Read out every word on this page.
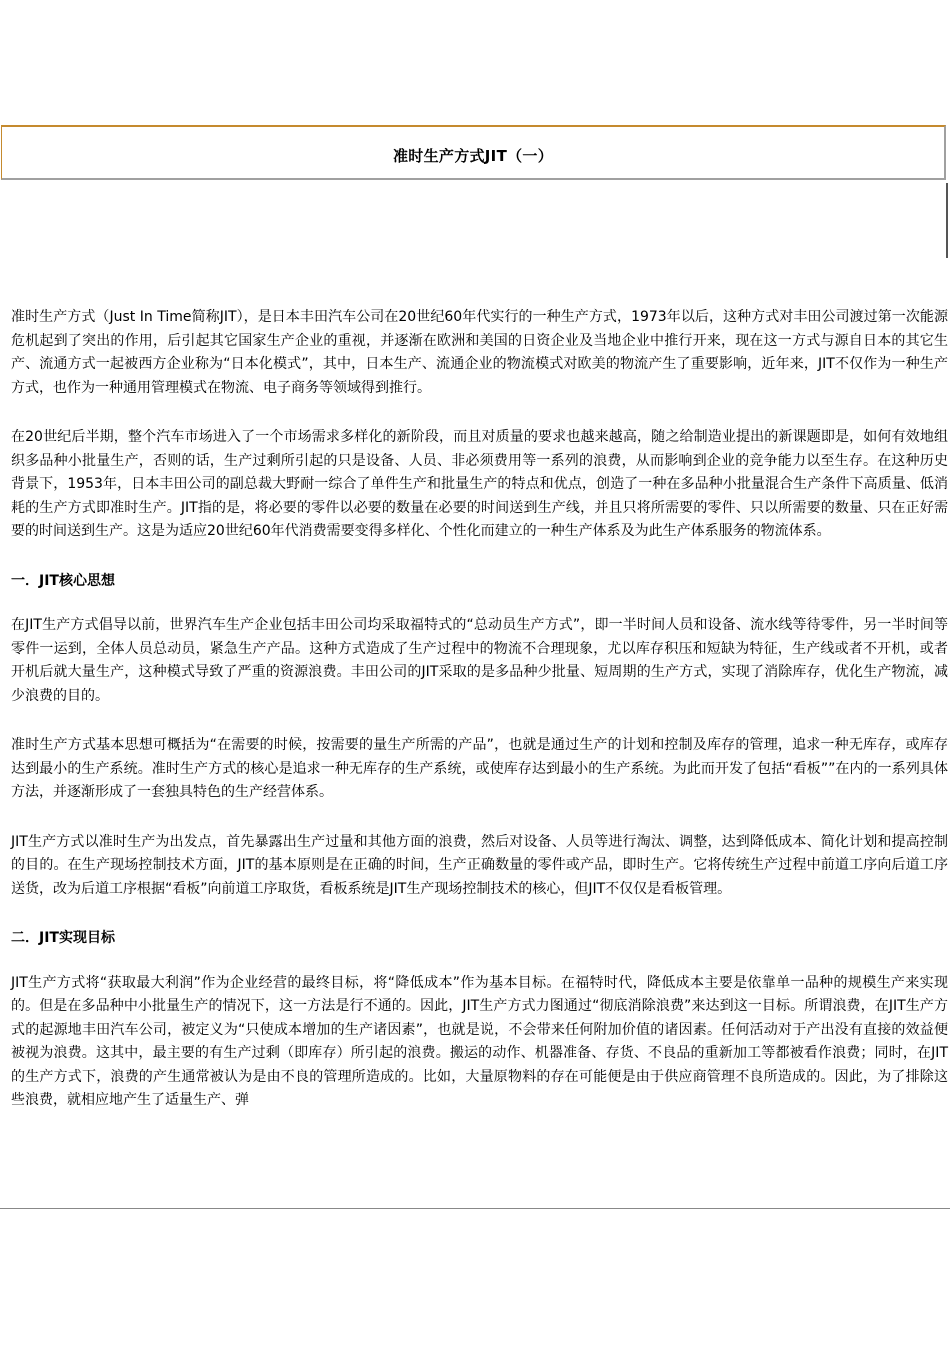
准时生产方式JIT（一）

准时生产方式（Just In Time简称JIT），是日本丰田汽车公司在20世纪60年代实行的一种生产方式，1973年以后，这种方式对丰田公司渡过第一次能源危机起到了突出的作用，后引起其它国家生产企业的重视，并逐渐在欧洲和美国的日资企业及当地企业中推行开来，现在这一方式与源自日本的其它生产、流通方式一起被西方企业称为“日本化模式”，其中，日本生产、流通企业的物流模式对欧美的物流产生了重要影响，近年来，JIT不仅作为一种生产方式，也作为一种通用管理模式在物流、电子商务等领域得到推行。

在20世纪后半期，整个汽车市场进入了一个市场需求多样化的新阶段，而且对质量的要求也越来越高，随之给制造业提出的新课题即是，如何有效地组织多品种小批量生产，否则的话，生产过剩所引起的只是设备、人员、非必须费用等一系列的浪费，从而影响到企业的竞争能力以至生存。在这种历史背景下，1953年，日本丰田公司的副总裁大野耐一综合了单件生产和批量生产的特点和优点，创造了一种在多品种小批量混合生产条件下高质量、低消耗的生产方式即准时生产。JIT指的是，将必要的零件以必要的数量在必要的时间送到生产线，并且只将所需要的零件、只以所需要的数量、只在正好需要的时间送到生产。这是为适应20世纪60年代消费需要变得多样化、个性化而建立的一种生产体系及为此生产体系服务的物流体系。

一．JIT核心思想

在JIT生产方式倡导以前，世界汽车生产企业包括丰田公司均采取福特式的“总动员生产方式”，即一半时间人员和设备、流水线等待零件，另一半时间等零件一运到，全体人员总动员，紧急生产产品。这种方式造成了生产过程中的物流不合理现象，尤以库存积压和短缺为特征，生产线或者不开机，或者开机后就大量生产，这种模式导致了严重的资源浪费。丰田公司的JIT采取的是多品种少批量、短周期的生产方式，实现了消除库存，优化生产物流，减少浪费的目的。

准时生产方式基本思想可概括为“在需要的时候，按需要的量生产所需的产品”，也就是通过生产的计划和控制及库存的管理，追求一种无库存，或库存达到最小的生产系统。准时生产方式的核心是追求一种无库存的生产系统，或使库存达到最小的生产系统。为此而开发了包括“看板””在内的一系列具体方法，并逐渐形成了一套独具特色的生产经营体系。

JIT生产方式以准时生产为出发点，首先暴露出生产过量和其他方面的浪费，然后对设备、人员等进行淘汰、调整，达到降低成本、简化计划和提高控制的目的。在生产现场控制技术方面，JIT的基本原则是在正确的时间，生产正确数量的零件或产品，即时生产。它将传统生产过程中前道工序向后道工序送货，改为后道工序根据“看板”向前道工序取货，看板系统是JIT生产现场控制技术的核心，但JIT不仅仅是看板管理。

二．JIT实现目标

JIT生产方式将“获取最大利润”作为企业经营的最终目标，将“降低成本”作为基本目标。在福特时代，降低成本主要是依靠单一品种的规模生产来实现的。但是在多品种中小批量生产的情况下，这一方法是行不通的。因此，JIT生产方式力图通过“彻底消除浪费”来达到这一目标。所谓浪费，在JIT生产方式的起源地丰田汽车公司，被定义为“只使成本增加的生产诸因素”，也就是说，不会带来任何附加价值的诸因素。任何活动对于产出没有直接的效益便被视为浪费。这其中，最主要的有生产过剩（即库存）所引起的浪费。搬运的动作、机器准备、存货、不良品的重新加工等都被看作浪费；同时，在JIT的生产方式下，浪费的产生通常被认为是由不良的管理所造成的。比如，大量原物料的存在可能便是由于供应商管理不良所造成的。因此，为了排除这些浪费，就相应地产生了适量生产、弹
